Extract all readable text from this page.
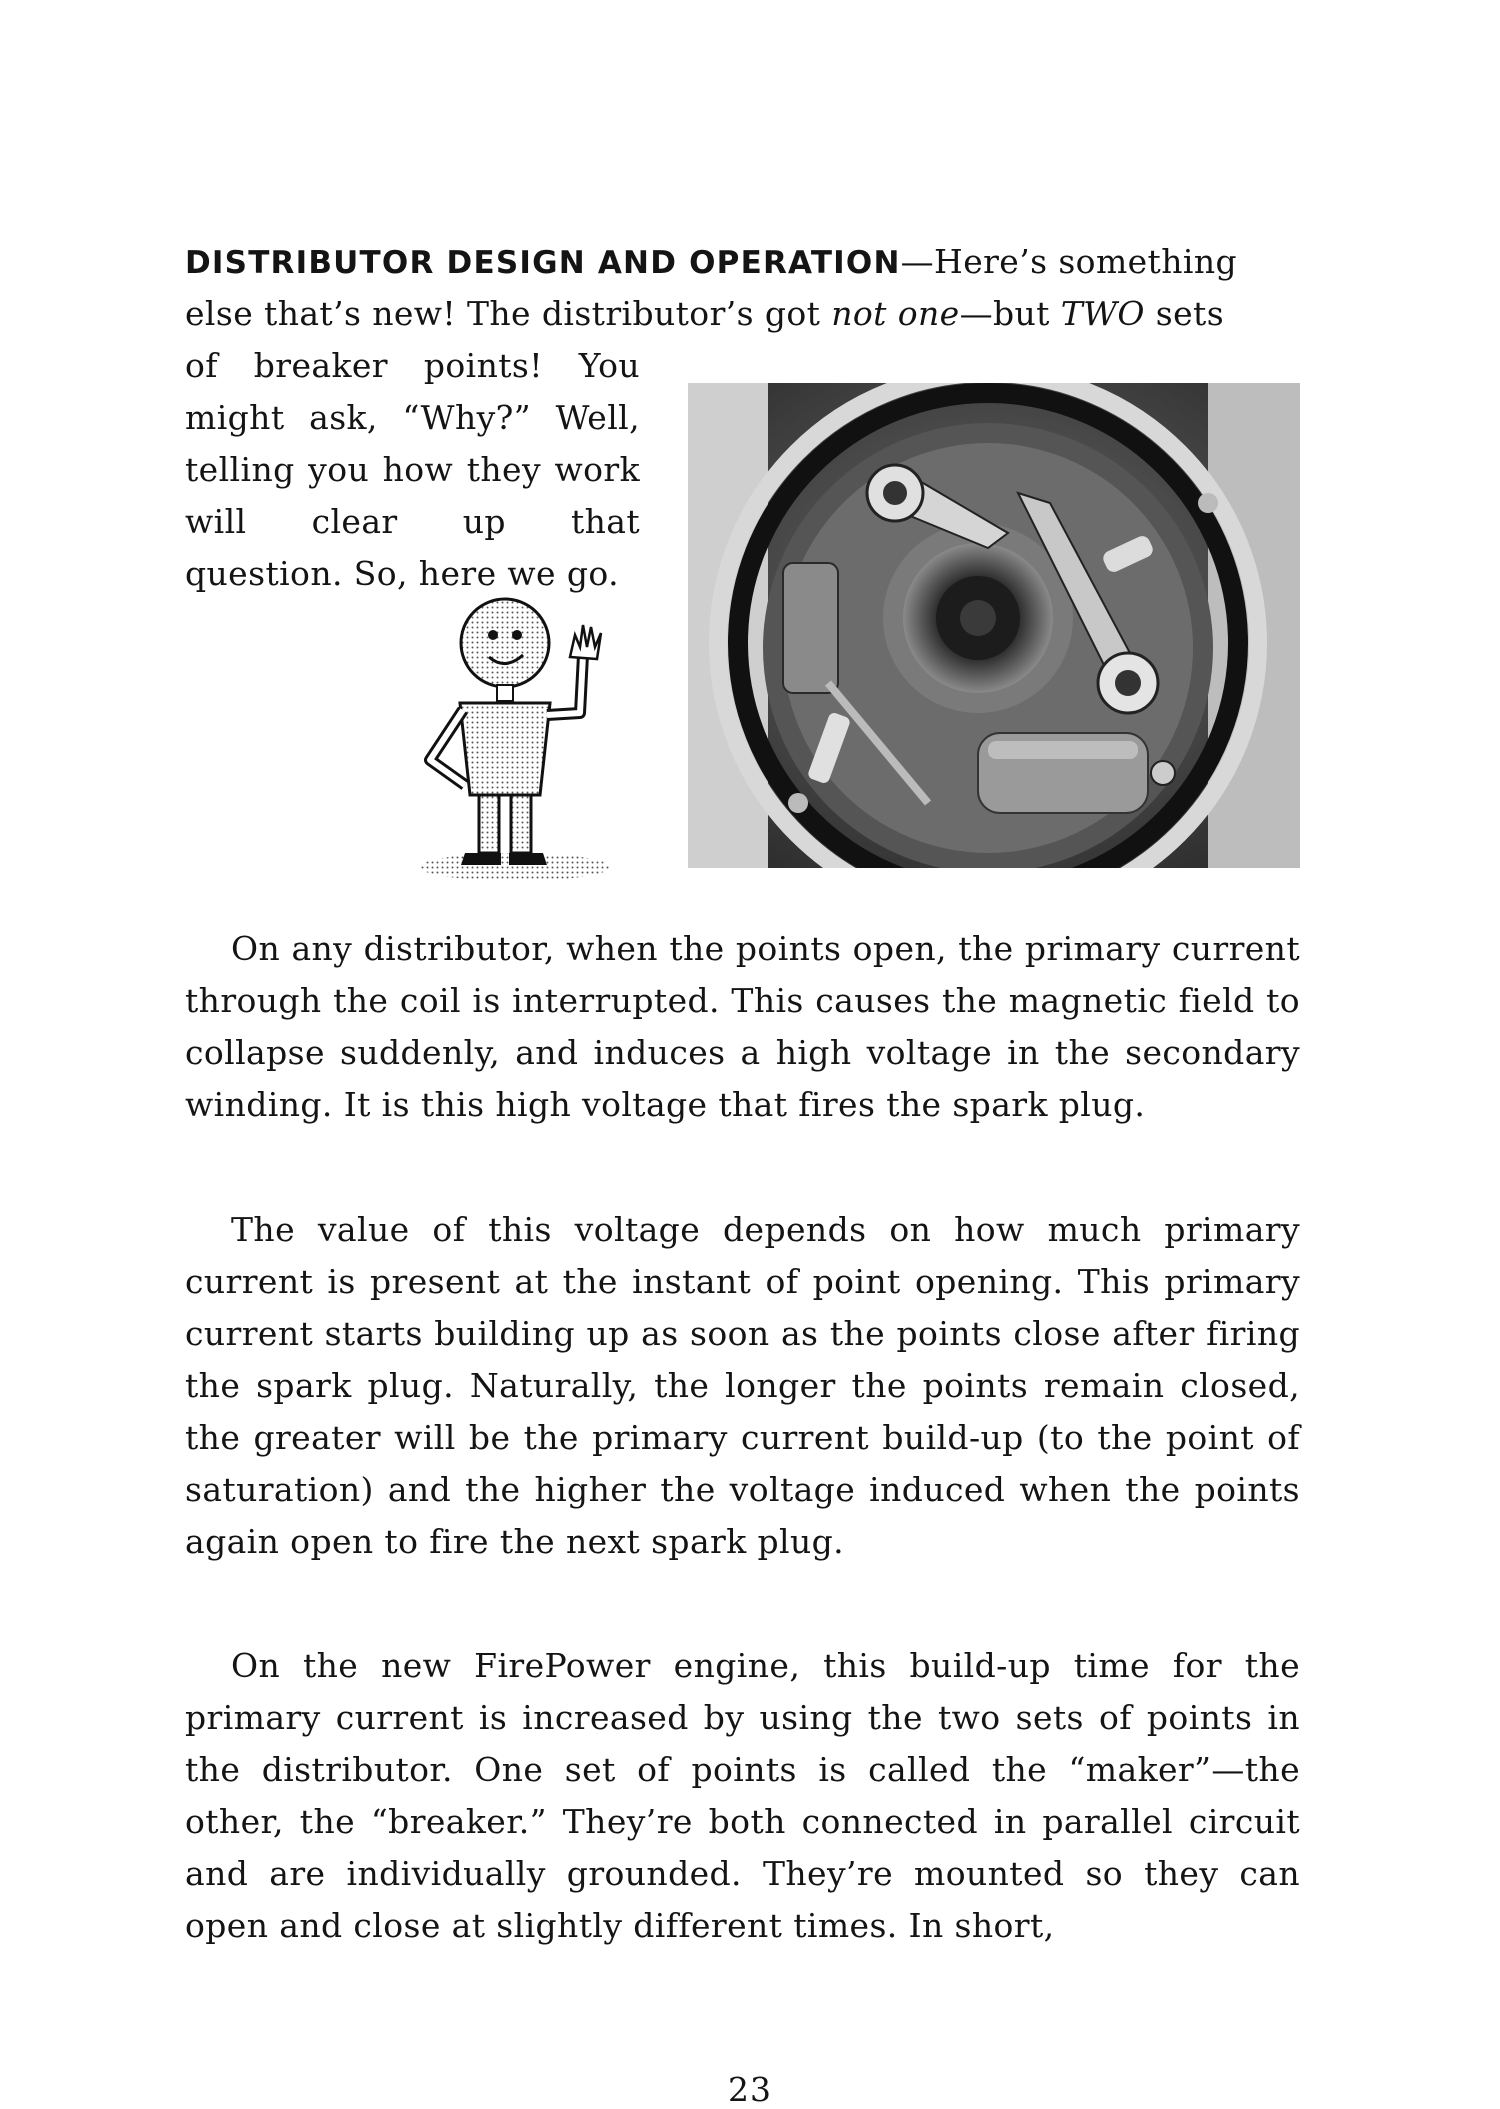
DISTRIBUTOR DESIGN AND OPERATION—Here’s something
else that’s new! The distributor’s got not one—but TWO sets

of breaker points! You might ask, “Why?” Well, telling you how they work will clear up that question. So, here we go.

On any distributor, when the points open, the primary current through the coil is interrupted. This causes the magnetic field to collapse suddenly, and induces a high voltage in the secondary winding. It is this high voltage that fires the spark plug.

The value of this voltage depends on how much primary current is present at the instant of point opening. This primary current starts building up as soon as the points close after firing the spark plug. Naturally, the longer the points remain closed, the greater will be the primary current build-up (to the point of saturation) and the higher the voltage induced when the points again open to fire the next spark plug.

On the new FirePower engine, this build-up time for the primary current is increased by using the two sets of points in the distributor. One set of points is called the “maker”—the other, the “breaker.” They’re both connected in parallel circuit and are individually grounded. They’re mounted so they can open and close at slightly different times. In short,

23
